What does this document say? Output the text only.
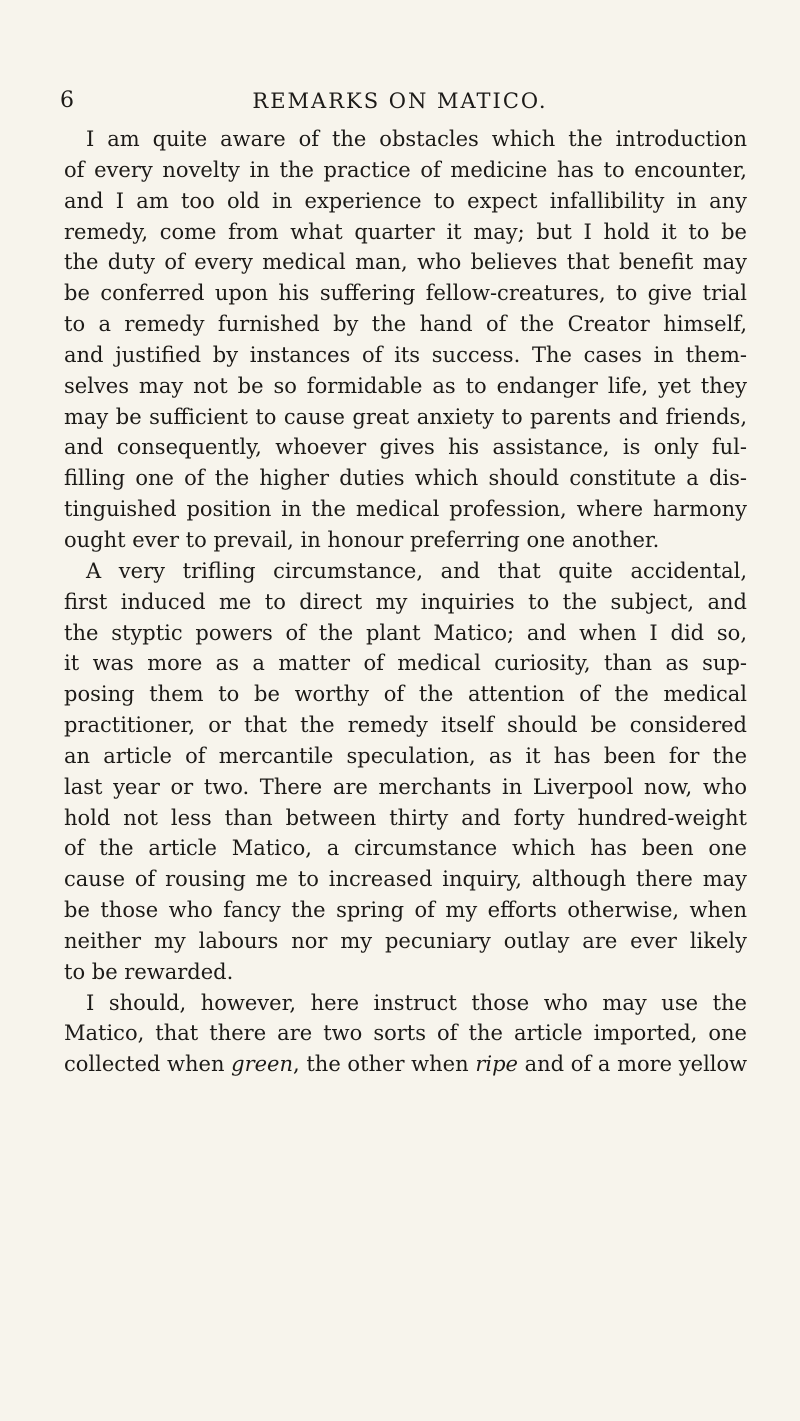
6	REMARKS ON MATICO.
I am quite aware of the obstacles which the introduction
of every novelty in the practice of medicine has to encounter,
and I am too old in experience to expect infallibility in any
remedy, come from what quarter it may; but I hold it to be
the duty of every medical man, who believes that benefit may
be conferred upon his suffering fellow-creatures, to give trial
to a remedy furnished by the hand of the Creator himself,
and justified by instances of its success. The cases in them-
selves may not be so formidable as to endanger life, yet they
may be sufficient to cause great anxiety to parents and friends,
and consequently, whoever gives his assistance, is only ful-
filling one of the higher duties which should constitute a dis-
tinguished position in the medical profession, where harmony
ought ever to prevail, in honour preferring one another.
A very trifling circumstance, and that quite accidental,
first induced me to direct my inquiries to the subject, and
the styptic powers of the plant Matico; and when I did so,
it was more as a matter of medical curiosity, than as sup-
posing them to be worthy of the attention of the medical
practitioner, or that the remedy itself should be considered
an article of mercantile speculation, as it has been for the
last year or two. There are merchants in Liverpool now, who
hold not less than between thirty and forty hundred-weight
of the article Matico, a circumstance which has been one
cause of rousing me to increased inquiry, although there may
be those who fancy the spring of my efforts otherwise, when
neither my labours nor my pecuniary outlay are ever likely
to be rewarded.
I should, however, here instruct those who may use the
Matico, that there are two sorts of the article imported, one
collected when green, the other when ripe and of a more yellow
